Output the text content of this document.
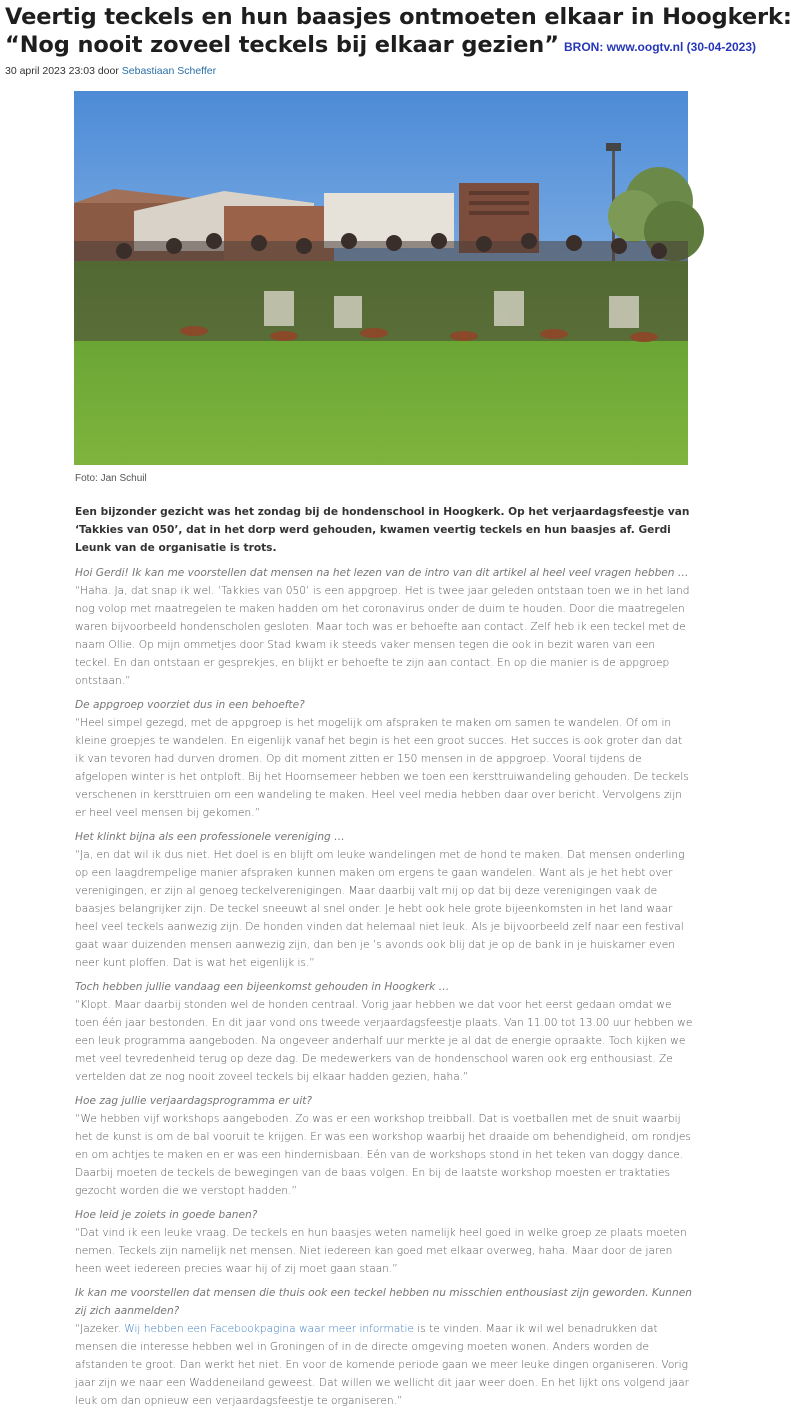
Veertig teckels en hun baasjes ontmoeten elkaar in Hoogkerk: “Nog nooit zoveel teckels bij elkaar gezien” BRON: www.oogtv.nl (30-04-2023)
30 april 2023 23:03 door Sebastiaan Scheffer
Foto: Jan Schuil

Een bijzonder gezicht was het zondag bij de hondenschool in Hoogkerk. Op het verjaardagsfeestje van ‘Takkies van 050’, dat in het dorp werd gehouden, kwamen veertig teckels en hun baasjes af. Gerdi Leunk van de organisatie is trots.

Hoi Gerdi! Ik kan me voorstellen dat mensen na het lezen van de intro van dit artikel al heel veel vragen hebben …

“Haha. Ja, dat snap ik wel. ‘Takkies van 050’ is een appgroep. Het is twee jaar geleden ontstaan toen we in het land nog volop met maatregelen te maken hadden om het coronavirus onder de duim te houden. Door die maatregelen waren bijvoorbeeld hondenscholen gesloten. Maar toch was er behoefte aan contact. Zelf heb ik een teckel met de naam Ollie. Op mijn ommetjes door Stad kwam ik steeds vaker mensen tegen die ook in bezit waren van een teckel. En dan ontstaan er gesprekjes, en blijkt er behoefte te zijn aan contact. En op die manier is de appgroep ontstaan.”

De appgroep voorziet dus in een behoefte?

“Heel simpel gezegd, met de appgroep is het mogelijk om afspraken te maken om samen te wandelen. Of om in kleine groepjes te wandelen. En eigenlijk vanaf het begin is het een groot succes. Het succes is ook groter dan dat ik van tevoren had durven dromen. Op dit moment zitten er 150 mensen in de appgroep. Vooral tijdens de afgelopen winter is het ontploft. Bij het Hoornsemeer hebben we toen een kersttruiwandeling gehouden. De teckels verschenen in kersttruien om een wandeling te maken. Heel veel media hebben daar over bericht. Vervolgens zijn er heel veel mensen bij gekomen.”

Het klinkt bijna als een professionele vereniging …

“Ja, en dat wil ik dus niet. Het doel is en blijft om leuke wandelingen met de hond te maken. Dat mensen onderling op een laagdrempelige manier afspraken kunnen maken om ergens te gaan wandelen. Want als je het hebt over verenigingen, er zijn al genoeg teckelverenigingen. Maar daarbij valt mij op dat bij deze verenigingen vaak de baasjes belangrijker zijn. De teckel sneeuwt al snel onder. Je hebt ook hele grote bijeenkomsten in het land waar heel veel teckels aanwezig zijn. De honden vinden dat helemaal niet leuk. Als je bijvoorbeeld zelf naar een festival gaat waar duizenden mensen aanwezig zijn, dan ben je ’s avonds ook blij dat je op de bank in je huiskamer even neer kunt ploffen. Dat is wat het eigenlijk is.”

Toch hebben jullie vandaag een bijeenkomst gehouden in Hoogkerk …

“Klopt. Maar daarbij stonden wel de honden centraal. Vorig jaar hebben we dat voor het eerst gedaan omdat we toen één jaar bestonden. En dit jaar vond ons tweede verjaardagsfeestje plaats. Van 11.00 tot 13.00 uur hebben we een leuk programma aangeboden. Na ongeveer anderhalf uur merkte je al dat de energie opraakte. Toch kijken we met veel tevredenheid terug op deze dag. De medewerkers van de hondenschool waren ook erg enthousiast. Ze vertelden dat ze nog nooit zoveel teckels bij elkaar hadden gezien, haha.”

Hoe zag jullie verjaardagsprogramma er uit?

“We hebben vijf workshops aangeboden. Zo was er een workshop treibball. Dat is voetballen met de snuit waarbij het de kunst is om de bal vooruit te krijgen. Er was een workshop waarbij het draaide om behendigheid, om rondjes en om achtjes te maken en er was een hindernisbaan. Eén van de workshops stond in het teken van doggy dance. Daarbij moeten de teckels de bewegingen van de baas volgen. En bij de laatste workshop moesten er traktaties gezocht worden die we verstopt hadden.”

Hoe leid je zoiets in goede banen?

“Dat vind ik een leuke vraag. De teckels en hun baasjes weten namelijk heel goed in welke groep ze plaats moeten nemen. Teckels zijn namelijk net mensen. Niet iedereen kan goed met elkaar overweg, haha. Maar door de jaren heen weet iedereen precies waar hij of zij moet gaan staan.”

Ik kan me voorstellen dat mensen die thuis ook een teckel hebben nu misschien enthousiast zijn geworden. Kunnen zij zich aanmelden?

“Jazeker. Wij hebben een Facebookpagina waar meer informatie is te vinden. Maar ik wil wel benadrukken dat mensen die interesse hebben wel in Groningen of in de directe omgeving moeten wonen. Anders worden de afstanden te groot. Dan werkt het niet. En voor de komende periode gaan we meer leuke dingen organiseren. Vorig jaar zijn we naar een Waddeneiland geweest. Dat willen we wellicht dit jaar weer doen. En het lijkt ons volgend jaar leuk om dan opnieuw een verjaardagsfeestje te organiseren.”
